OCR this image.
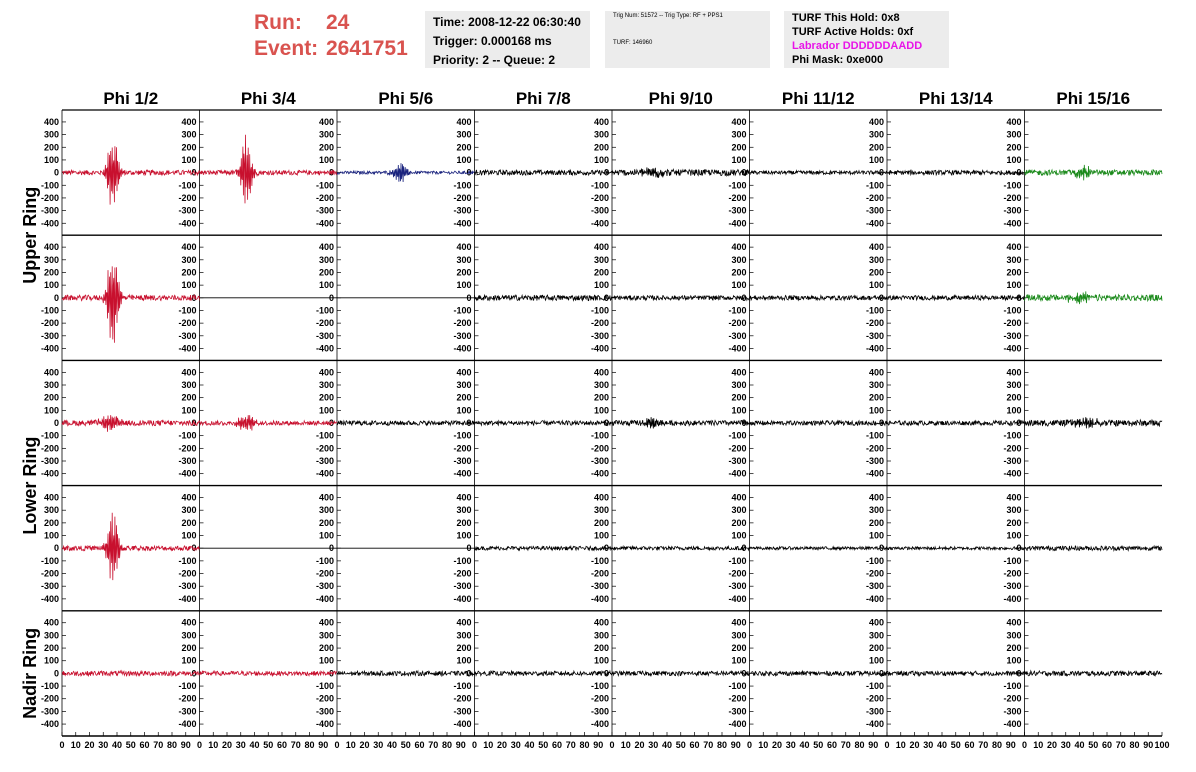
Run: 24
Event: 2641751
Time: 2008-12-22 06:30:40
Trigger: 0.000168 ms
Priority: 2 -- Queue: 2
Trig Num: 51572 -- Trig Type: RF + PPS1
TURF: 146960
TURF This Hold: 0x8
TURF Active Holds: 0xf
Labrador DDDDDDAADD
Phi Mask: 0xe000
Phi 1/2	Phi 3/4	Phi 5/6	Phi 7/8	Phi 9/10	Phi 11/12	Phi 13/14	Phi 15/16
Upper Ring
Lower Ring
Nadir Ring
400
300
200
100
0
-100
-200
-300
-400
400
300
200
100
0
-100
-200
-300
-400
400
300
200
100
0
-100
-200
-300
-400
400
300
200
100
0
-100
-200
-300
-400
400
300
200
100
0
-100
-200
-300
-400
400
300
200
100
0
-100
-200
-300
-400
400
300
200
100
0
-100
-200
-300
-400
400
300
200
100
0
-100
-200
-300
-400
400
300
200
100
0
-100
-200
-300
-400
400
300
200
100
0
-100
-200
-300
-400
400
300
200
100
0
-100
-200
-300
-400
400
300
200
100
0
-100
-200
-300
-400
400
300
200
100
0
-100
-200
-300
-400
400
300
200
100
0
-100
-200
-300
-400
400
300
200
100
0
-100
-200
-300
-400
400
300
200
100
0
-100
-200
-300
-400
400
300
200
100
0
-100
-200
-300
-400
400
300
200
100
0
-100
-200
-300
-400
400
300
200
100
0
-100
-200
-300
-400
400
300
200
100
0
-100
-200
-300
-400
400
300
200
100
0
-100
-200
-300
-400
400
300
200
100
0
-100
-200
-300
-400
400
300
200
100
0
-100
-200
-300
-400
400
300
200
100
0
-100
-200
-300
-400
400
300
200
100
0
-100
-200
-300
-400
400
300
200
100
0
-100
-200
-300
-400
400
300
200
100
0
-100
-200
-300
-400
400
300
200
100
0
-100
-200
-300
-400
400
300
200
100
0
-100
-200
-300
-400
400
300
200
100
0
-100
-200
-300
-400
400
300
200
100
0
-100
-200
-300
-400
400
300
200
100
0
-100
-200
-300
-400
400
300
200
100
0
-100
-200
-300
-400
400
300
200
100
0
-100
-200
-300
-400
400
300
200
100
0
-100
-200
-300
-400
400
300
200
100
0
-100
-200
-300
-400
400
300
200
100
0
-100
-200
-300
-400
400
300
200
100
0
-100
-200
-300
-400
400
300
200
100
0
-100
-200
-300
-400
400
300
200
100
0
-100
-200
-300
-400
0 10 20 30 40 50 60 70 80 90 0 10 20 30 40 50 60 70 80 90 0 10 20 30 40 50 60 70 80 90 0 10 20 30 40 50 60 70 80 90 0 10 20 30 40 50 60 70 80 90 0 10 20 30 40 50 60 70 80 90 0 10 20 30 40 50 60 70 80 90 0 10 20 30 40 50 60 70 80 90 100
